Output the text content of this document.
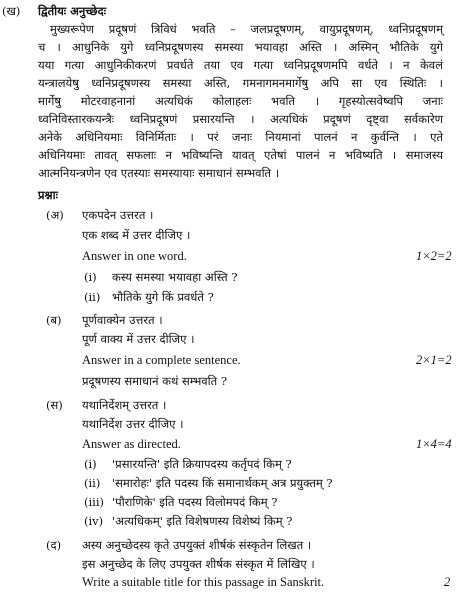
(ख) द्वितीयः अनुच्छेदः
मुख्यरूपेण प्रदूषणं त्रिविधं भवति – जलप्रदूषणम्, वायुप्रदूषणम्, ध्वनिप्रदूषणम्
च । आधुनिके युगे ध्वनिप्रदूषणस्य समस्या भयावहा अस्ति । अस्मिन् भौतिके युगे
यया गत्या आधुनिकीकरणं प्रवर्धते तया एव गत्या ध्वनिप्रदूषणमपि वर्धते । न केवलं
यन्त्रालयेषु ध्वनिप्रदूषणस्य समस्या अस्ति, गमनागमनमार्गेषु अपि सा एव स्थितिः ।
मार्गेषु मोटरवाहनानां अत्यधिकं कोलाहलः भवति । गृहस्योत्सवेष्वपि जनाः
ध्वनिविस्तारकयन्त्रैः ध्वनिप्रदूषणं प्रसारयन्ति । अत्यधिकं प्रदूषणं दृष्ट्वा सर्वकारेण
अनेके अधिनियमाः विनिर्मिताः । परं जनाः नियमानां पालनं न कुर्वन्ति । एते
अधिनियमाः तावत् सफलाः न भविष्यन्ति यावत् एतेषां पालनं न भविष्यति । समाजस्य
आत्मनियन्त्रणेन एव एतस्याः समस्यायाः समाधानं सम्भवति ।
प्रश्नाः
(अ) एकपदेन उत्तरत ।
एक शब्द में उत्तर दीजिए ।
Answer in one word.	1×2=2
(i) कस्य समस्या भयावहा अस्ति ?
(ii) भौतिके युगे किं प्रवर्धते ?
(ब) पूर्णवाक्येन उत्तरत ।
पूर्ण वाक्य में उत्तर दीजिए ।
Answer in a complete sentence.	2×1=2
प्रदूषणस्य समाधानं कथं सम्भवति ?
(स) यथानिर्देशम् उत्तरत ।
यथानिर्देश उत्तर दीजिए ।
Answer as directed.	1×4=4
(i) 'प्रसारयन्ति' इति क्रियापदस्य कर्तृपदं किम् ?
(ii) 'समारोहः' इति पदस्य किं समानार्थकम् अत्र प्रयुक्तम् ?
(iii) 'पौराणिके' इति पदस्य विलोमपदं किम् ?
(iv) 'अत्यधिकम्' इति विशेषणस्य विशेष्यं किम् ?
(द) अस्य अनुच्छेदस्य कृते उपयुक्तं शीर्षकं संस्कृतेन लिखत ।
इस अनुच्छेद के लिए उपयुक्त शीर्षक संस्कृत में लिखिए ।
Write a suitable title for this passage in Sanskrit.	2
